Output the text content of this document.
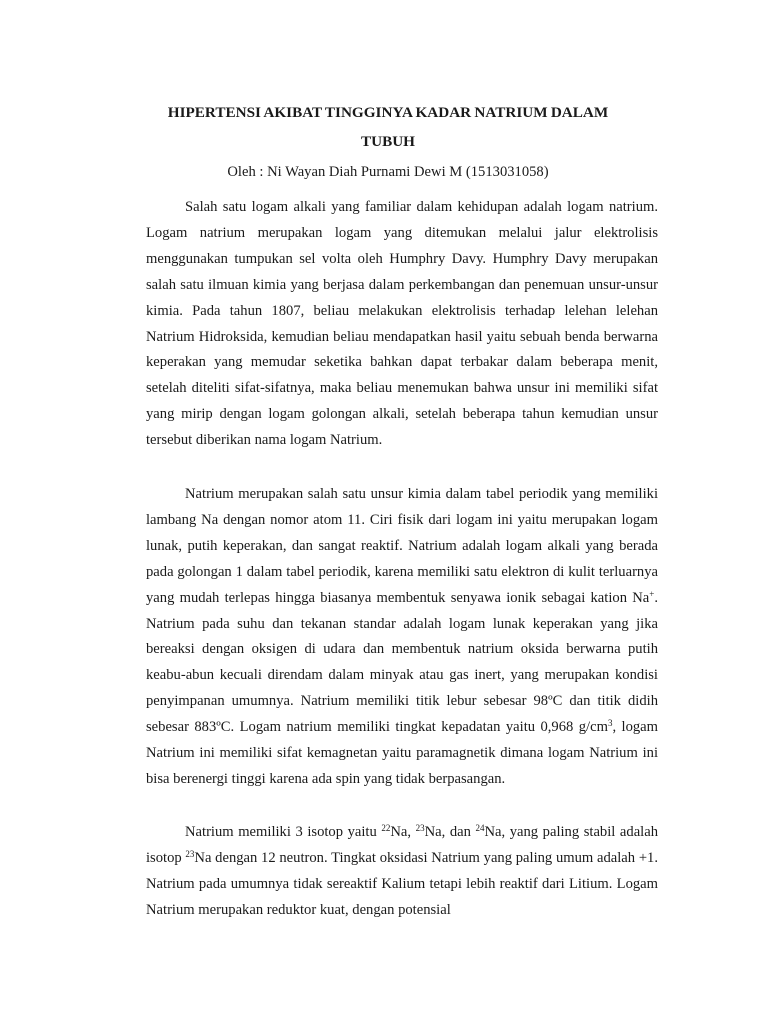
HIPERTENSI AKIBAT TINGGINYA KADAR NATRIUM DALAM TUBUH

Oleh : Ni Wayan Diah Purnami Dewi M (1513031058)

Salah satu logam alkali yang familiar dalam kehidupan adalah logam natrium. Logam natrium merupakan logam yang ditemukan melalui jalur elektrolisis menggunakan tumpukan sel volta oleh Humphry Davy. Humphry Davy merupakan salah satu ilmuan kimia yang berjasa dalam perkembangan dan penemuan unsur-unsur kimia. Pada tahun 1807, beliau melakukan elektrolisis terhadap lelehan lelehan Natrium Hidroksida, kemudian beliau mendapatkan hasil yaitu sebuah benda berwarna keperakan yang memudar seketika bahkan dapat terbakar dalam beberapa menit, setelah diteliti sifat-sifatnya, maka beliau menemukan bahwa unsur ini memiliki sifat yang mirip dengan logam golongan alkali, setelah beberapa tahun kemudian unsur tersebut diberikan nama logam Natrium.

Natrium merupakan salah satu unsur kimia dalam tabel periodik yang memiliki lambang Na dengan nomor atom 11. Ciri fisik dari logam ini yaitu merupakan logam lunak, putih keperakan, dan sangat reaktif. Natrium adalah logam alkali yang berada pada golongan 1 dalam tabel periodik, karena memiliki satu elektron di kulit terluarnya yang mudah terlepas hingga biasanya membentuk senyawa ionik sebagai kation Na+. Natrium pada suhu dan tekanan standar adalah logam lunak keperakan yang jika bereaksi dengan oksigen di udara dan membentuk natrium oksida berwarna putih keabu-abun kecuali direndam dalam minyak atau gas inert, yang merupakan kondisi penyimpanan umumnya. Natrium memiliki titik lebur sebesar 98ºC dan titik didih sebesar 883ºC. Logam natrium memiliki tingkat kepadatan yaitu 0,968 $g/cm^3$, logam Natrium ini memiliki sifat kemagnetan yaitu paramagnetik dimana logam Natrium ini bisa berenergi tinggi karena ada spin yang tidak berpasangan.

Natrium memiliki 3 isotop yaitu $^{22}$Na, $^{23}$Na, dan $^{24}$Na, yang paling stabil adalah isotop $^{23}$Na dengan 12 neutron. Tingkat oksidasi Natrium yang paling umum adalah +1. Natrium pada umumnya tidak sereaktif Kalium tetapi lebih reaktif dari Litium. Logam Natrium merupakan reduktor kuat, dengan potensial
